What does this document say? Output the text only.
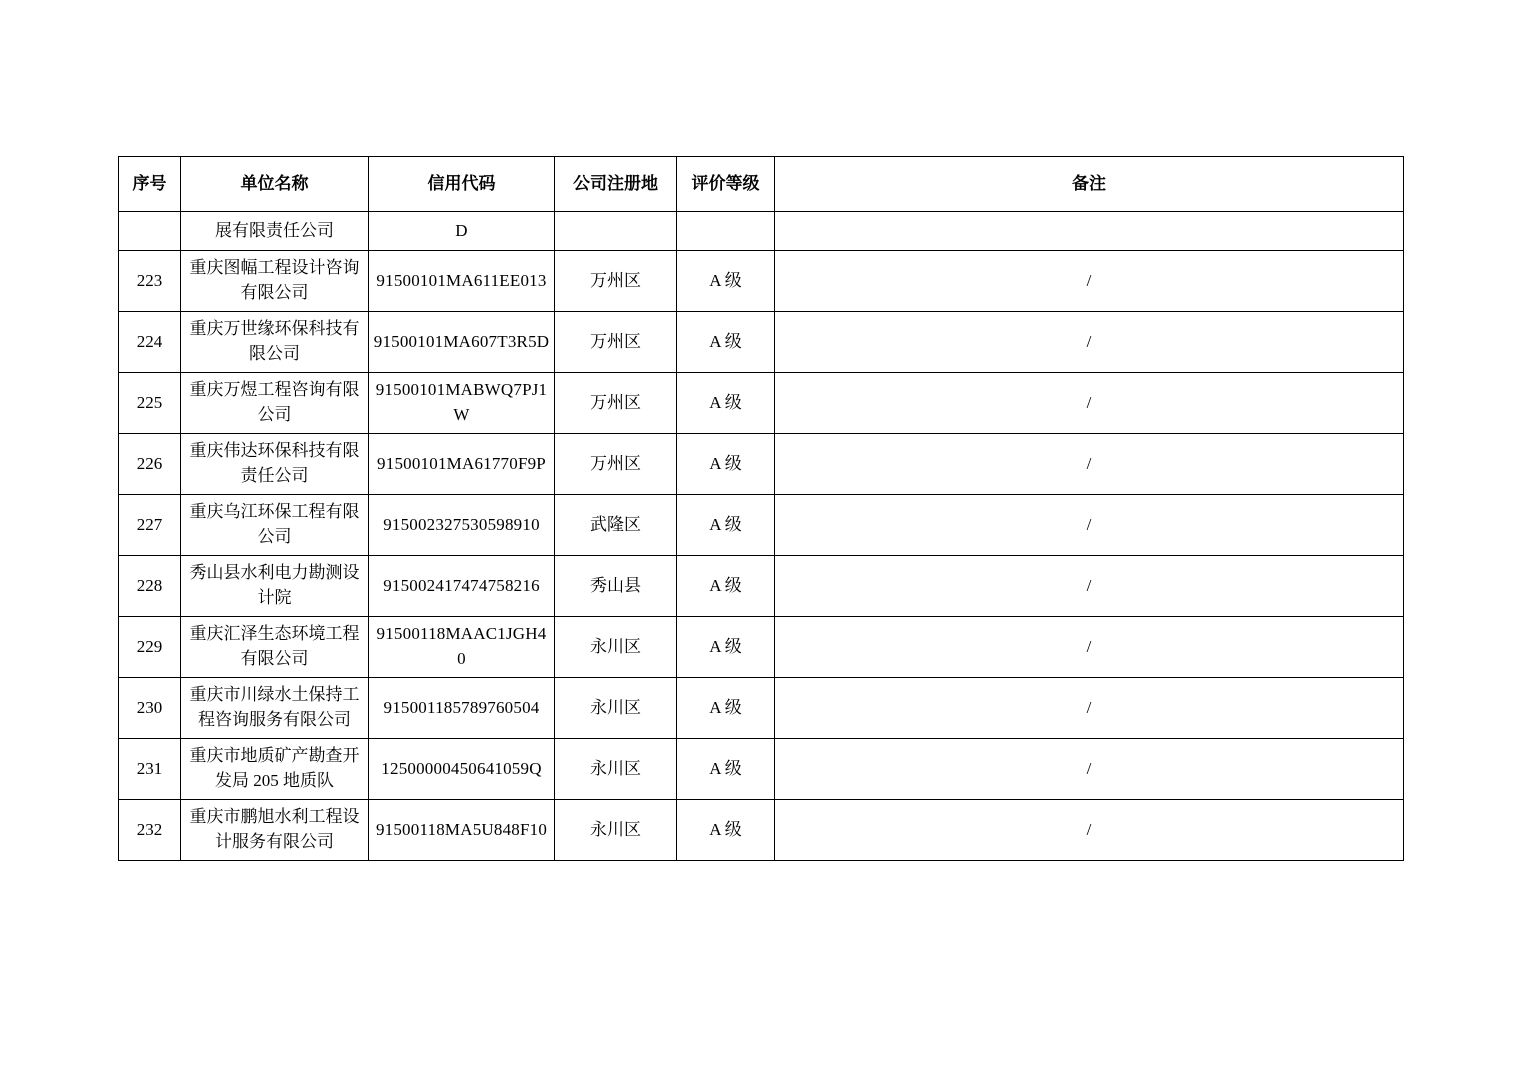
序号	单位名称	信用代码	公司注册地	评价等级	备注
	展有限责任公司	D			
223	重庆图幅工程设计咨询有限公司	91500101MA611EE013	万州区	A 级	/
224	重庆万世缘环保科技有限公司	91500101MA607T3R5D	万州区	A 级	/
225	重庆万煜工程咨询有限公司	91500101MABWQ7PJ1W	万州区	A 级	/
226	重庆伟达环保科技有限责任公司	91500101MA61770F9P	万州区	A 级	/
227	重庆乌江环保工程有限公司	915002327530598910	武隆区	A 级	/
228	秀山县水利电力勘测设计院	915002417474758216	秀山县	A 级	/
229	重庆汇泽生态环境工程有限公司	91500118MAAC1JGH40	永川区	A 级	/
230	重庆市川绿水土保持工程咨询服务有限公司	915001185789760504	永川区	A 级	/
231	重庆市地质矿产勘查开发局 205 地质队	12500000450641059Q	永川区	A 级	/
232	重庆市鹏旭水利工程设计服务有限公司	91500118MA5U848F10	永川区	A 级	/
